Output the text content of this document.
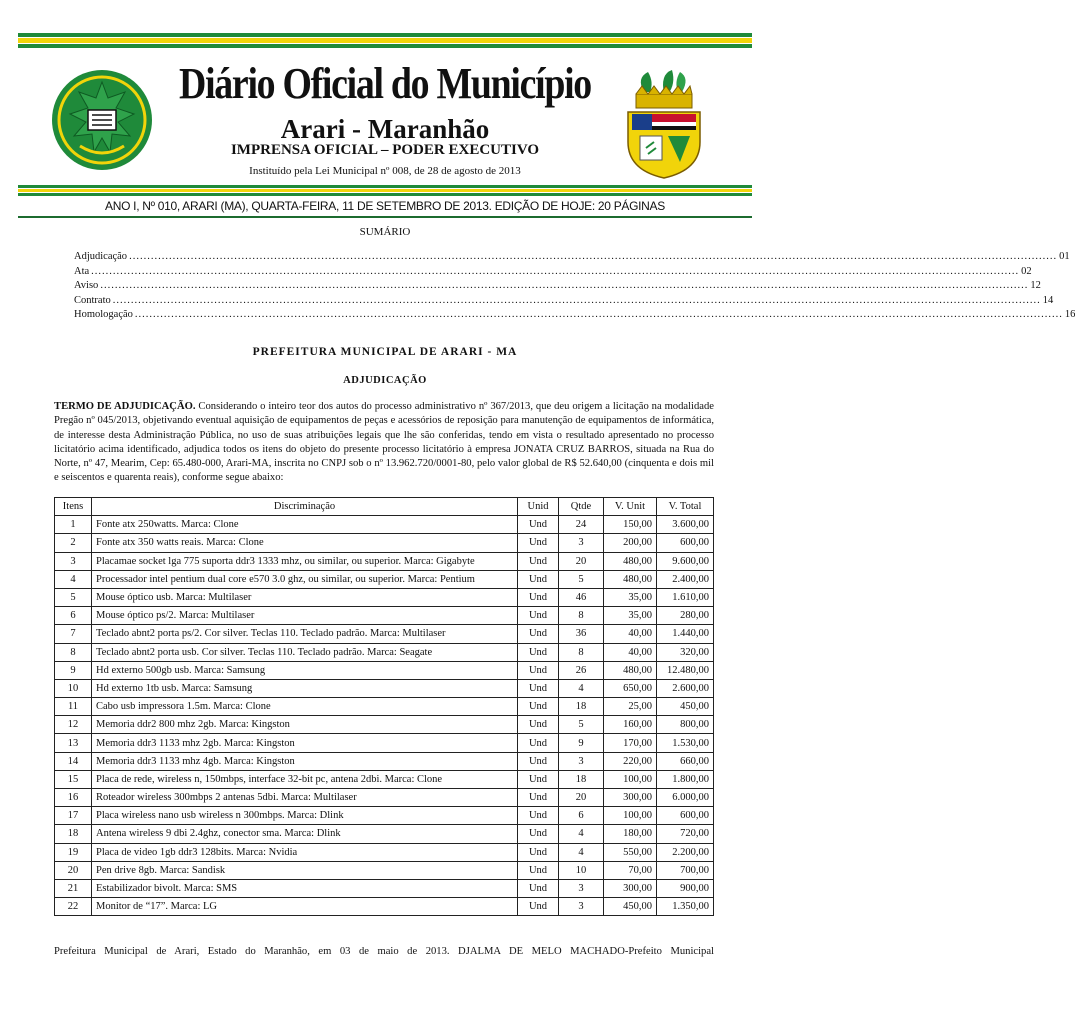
Diário Oficial do Município
Arari - Maranhão
IMPRENSA OFICIAL – PODER EXECUTIVO
Instituído pela Lei Municipal nº 008, de 28 de agosto de 2013
ANO I, Nº 010, ARARI (MA), QUARTA-FEIRA, 11 DE SETEMBRO DE 2013. EDIÇÃO DE HOJE: 20 PÁGINAS
SUMÁRIO
Adjudicação ................................................................................................................................................................................................................................................................ 01
Ata ................................................................................................................................................................................................................................................................ 02
Aviso ................................................................................................................................................................................................................................................................ 12
Contrato ................................................................................................................................................................................................................................................................ 14
Homologação ................................................................................................................................................................................................................................................................ 16
PREFEITURA MUNICIPAL DE ARARI - MA
ADJUDICAÇÃO
TERMO DE ADJUDICAÇÃO. Considerando o inteiro teor dos autos do processo administrativo nº 367/2013, que deu origem a licitação na modalidade Pregão nº 045/2013, objetivando eventual aquisição de equipamentos de peças e acessórios de reposição para manutenção de equipamentos de informática, de interesse desta Administração Pública, no uso de suas atribuições legais que lhe são conferidas, tendo em vista o resultado apresentado no processo licitatório acima identificado, adjudica todos os itens do objeto do presente processo licitatório à empresa JONATA CRUZ BARROS, situada na Rua do Norte, nº 47, Mearim, Cep: 65.480-000, Arari-MA, inscrita no CNPJ sob o nº 13.962.720/0001-80, pelo valor global de R$ 52.640,00 (cinquenta e dois mil e seiscentos e quarenta reais), conforme segue abaixo:
Itens	Discriminação	Unid	Qtde	V. Unit	V. Total
1	Fonte atx 250watts. Marca: Clone	Und	24	150,00	3.600,00
2	Fonte atx 350 watts reais. Marca: Clone	Und	3	200,00	600,00
3	Placamae socket lga 775 suporta ddr3 1333 mhz, ou similar, ou superior. Marca: Gigabyte	Und	20	480,00	9.600,00
4	Processador intel pentium dual core e570 3.0 ghz, ou similar, ou superior. Marca: Pentium	Und	5	480,00	2.400,00
5	Mouse óptico usb. Marca: Multilaser	Und	46	35,00	1.610,00
6	Mouse óptico ps/2. Marca: Multilaser	Und	8	35,00	280,00
7	Teclado abnt2 porta ps/2. Cor silver. Teclas 110. Teclado padrão. Marca: Multilaser	Und	36	40,00	1.440,00
8	Teclado abnt2 porta usb. Cor silver. Teclas 110. Teclado padrão. Marca: Seagate	Und	8	40,00	320,00
9	Hd externo 500gb usb. Marca: Samsung	Und	26	480,00	12.480,00
10	Hd externo 1tb usb. Marca: Samsung	Und	4	650,00	2.600,00
11	Cabo usb impressora 1.5m. Marca: Clone	Und	18	25,00	450,00
12	Memoria ddr2 800 mhz 2gb. Marca: Kingston	Und	5	160,00	800,00
13	Memoria ddr3 1133 mhz 2gb. Marca: Kingston	Und	9	170,00	1.530,00
14	Memoria ddr3 1133 mhz 4gb. Marca: Kingston	Und	3	220,00	660,00
15	Placa de rede, wireless n, 150mbps, interface 32-bit pc, antena 2dbi. Marca: Clone	Und	18	100,00	1.800,00
16	Roteador wireless 300mbps 2 antenas 5dbi. Marca: Multilaser	Und	20	300,00	6.000,00
17	Placa wireless nano usb wireless n 300mbps. Marca: Dlink	Und	6	100,00	600,00
18	Antena wireless 9 dbi 2.4ghz, conector sma. Marca: Dlink	Und	4	180,00	720,00
19	Placa de video 1gb ddr3 128bits. Marca: Nvidia	Und	4	550,00	2.200,00
20	Pen drive 8gb. Marca: Sandisk	Und	10	70,00	700,00
21	Estabilizador bivolt. Marca: SMS	Und	3	300,00	900,00
22	Monitor de “17”. Marca: LG	Und	3	450,00	1.350,00
Prefeitura Municipal de Arari, Estado do Maranhão, em 03 de maio de 2013. DJALMA DE MELO MACHADO-Prefeito Municipal
